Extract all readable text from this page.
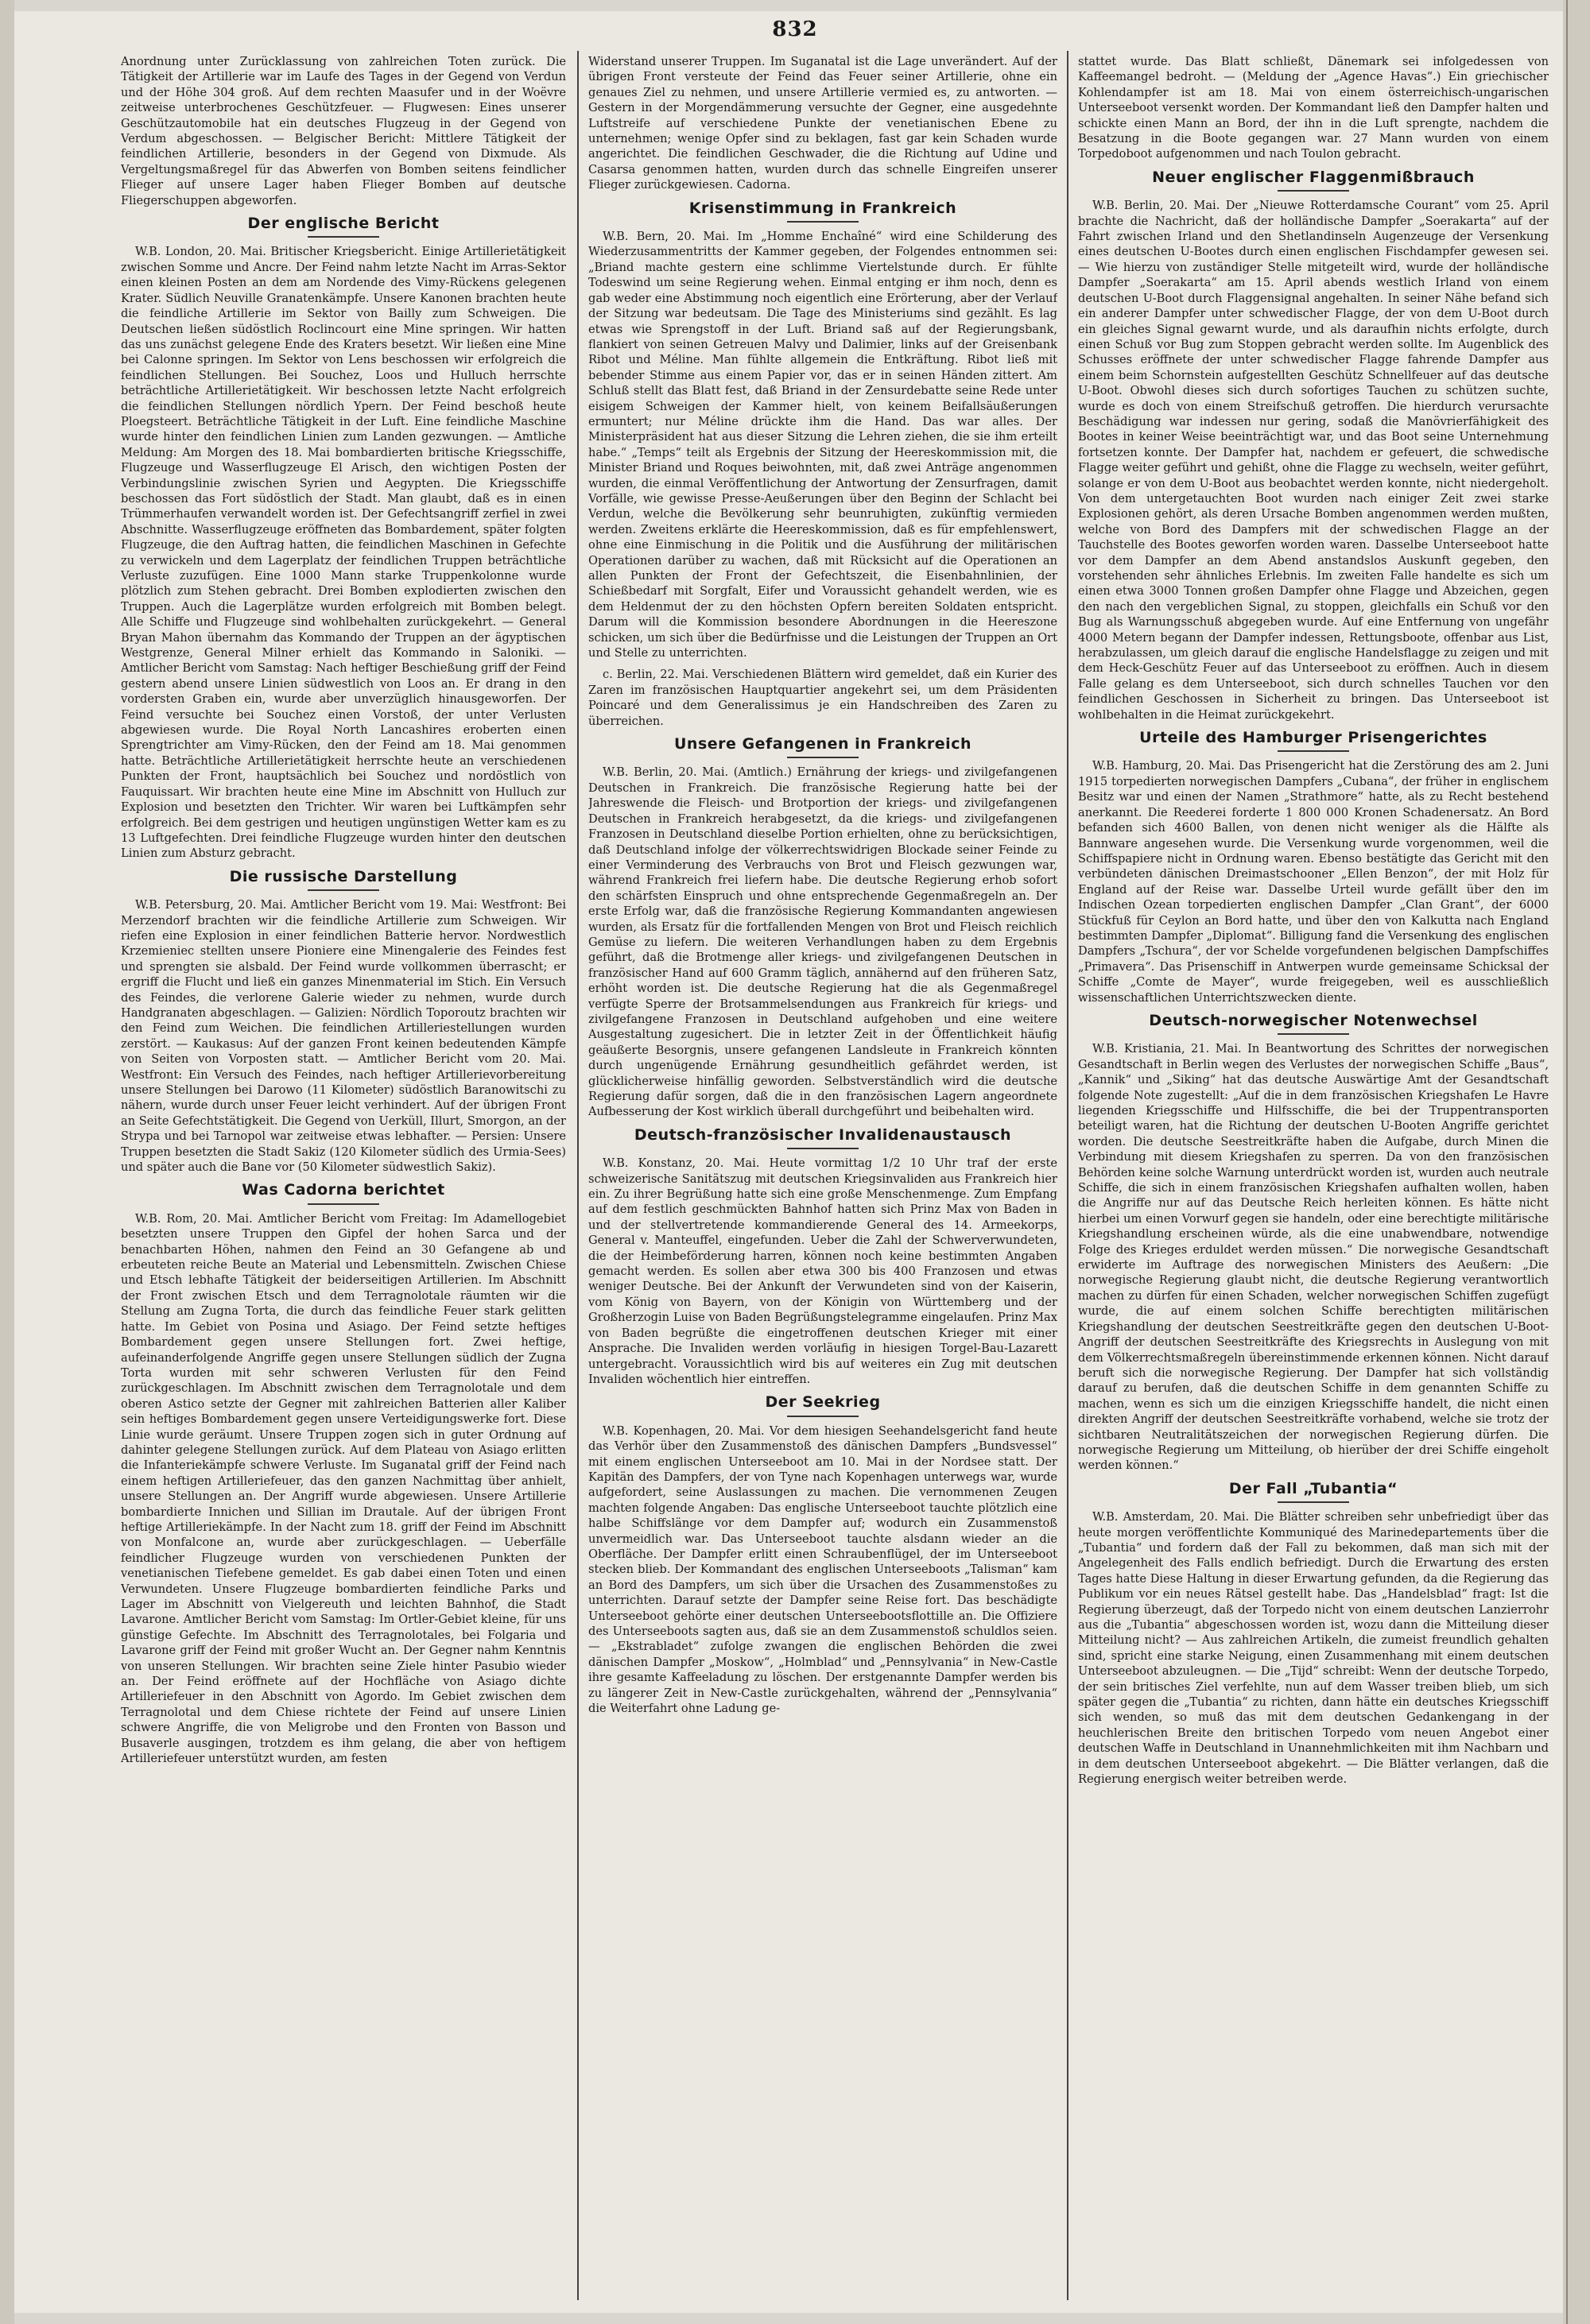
832

Anordnung unter Zurücklassung von zahlreichen Toten zurück. Die Tätigkeit der Artillerie war im Laufe des Tages in der Gegend von Verdun und der Höhe 304 groß. Auf dem rechten Maasufer und in der Woëvre zeitweise unterbrochenes Geschützfeuer. — Flugwesen: Eines unserer Geschützautomobile hat ein deutsches Flugzeug in der Gegend von Verdum abgeschossen. — Belgischer Bericht: Mittlere Tätigkeit der feindlichen Artillerie, besonders in der Gegend von Dixmude. Als Vergeltungsmaßregel für das Abwerfen von Bomben seitens feindlicher Flieger auf unsere Lager haben Flieger Bomben auf deutsche Fliegerschuppen abgeworfen.

Der englische Bericht

W.B. London, 20. Mai. Britischer Kriegsbericht. Einige Artillerietätigkeit zwischen Somme und Ancre. Der Feind nahm letzte Nacht im Arras-Sektor einen kleinen Posten an dem am Nordende des Vimy-Rückens gelegenen Krater. Südlich Neuville Granatenkämpfe. Unsere Kanonen brachten heute die feindliche Artillerie im Sektor von Bailly zum Schweigen. Die Deutschen ließen südöstlich Roclincourt eine Mine springen. Wir hatten das uns zunächst gelegene Ende des Kraters besetzt. Wir ließen eine Mine bei Calonne springen. Im Sektor von Lens beschossen wir erfolgreich die feindlichen Stellungen. Bei Souchez, Loos und Hulluch herrschte beträchtliche Artillerietätigkeit. Wir beschossen letzte Nacht erfolgreich die feindlichen Stellungen nördlich Ypern. Der Feind beschoß heute Ploegsteert. Beträchtliche Tätigkeit in der Luft. Eine feindliche Maschine wurde hinter den feindlichen Linien zum Landen gezwungen. — Amtliche Meldung: Am Morgen des 18. Mai bombardierten britische Kriegsschiffe, Flugzeuge und Wasserflugzeuge El Arisch, den wichtigen Posten der Verbindungslinie zwischen Syrien und Aegypten. Die Kriegsschiffe beschossen das Fort südöstlich der Stadt. Man glaubt, daß es in einen Trümmerhaufen verwandelt worden ist. Der Gefechtsangriff zerfiel in zwei Abschnitte. Wasserflugzeuge eröffneten das Bombardement, später folgten Flugzeuge, die den Auftrag hatten, die feindlichen Maschinen in Gefechte zu verwickeln und dem Lagerplatz der feindlichen Truppen beträchtliche Verluste zuzufügen. Eine 1000 Mann starke Truppenkolonne wurde plötzlich zum Stehen gebracht. Drei Bomben explodierten zwischen den Truppen. Auch die Lagerplätze wurden erfolgreich mit Bomben belegt. Alle Schiffe und Flugzeuge sind wohlbehalten zurückgekehrt. — General Bryan Mahon übernahm das Kommando der Truppen an der ägyptischen Westgrenze, General Milner erhielt das Kommando in Saloniki. — Amtlicher Bericht vom Samstag: Nach heftiger Beschießung griff der Feind gestern abend unsere Linien südwestlich von Loos an. Er drang in den vordersten Graben ein, wurde aber unverzüglich hinausgeworfen. Der Feind versuchte bei Souchez einen Vorstoß, der unter Verlusten abgewiesen wurde. Die Royal North Lancashires eroberten einen Sprengtrichter am Vimy-Rücken, den der Feind am 18. Mai genommen hatte. Beträchtliche Artillerietätigkeit herrschte heute an verschiedenen Punkten der Front, hauptsächlich bei Souchez und nordöstlich von Fauquissart. Wir brachten heute eine Mine im Abschnitt von Hulluch zur Explosion und besetzten den Trichter. Wir waren bei Luftkämpfen sehr erfolgreich. Bei dem gestrigen und heutigen ungünstigen Wetter kam es zu 13 Luftgefechten. Drei feindliche Flugzeuge wurden hinter den deutschen Linien zum Absturz gebracht.

Die russische Darstellung

W.B. Petersburg, 20. Mai. Amtlicher Bericht vom 19. Mai: Westfront: Bei Merzendorf brachten wir die feindliche Artillerie zum Schweigen. Wir riefen eine Explosion in einer feindlichen Batterie hervor. Nordwestlich Krzemieniec stellten unsere Pioniere eine Minengalerie des Feindes fest und sprengten sie alsbald. Der Feind wurde vollkommen überrascht; er ergriff die Flucht und ließ ein ganzes Minenmaterial im Stich. Ein Versuch des Feindes, die verlorene Galerie wieder zu nehmen, wurde durch Handgranaten abgeschlagen. — Galizien: Nördlich Toporoutz brachten wir den Feind zum Weichen. Die feindlichen Artilleriestellungen wurden zerstört. — Kaukasus: Auf der ganzen Front keinen bedeutenden Kämpfe von Seiten von Vorposten statt. — Amtlicher Bericht vom 20. Mai. Westfront: Ein Versuch des Feindes, nach heftiger Artillerievorbereitung unsere Stellungen bei Darowo (11 Kilometer) südöstlich Baranowitschi zu nähern, wurde durch unser Feuer leicht verhindert. Auf der übrigen Front an Seite Gefechtstätigkeit. Die Gegend von Uerküll, Illurt, Smorgon, an der Strypa und bei Tarnopol war zeitweise etwas lebhafter. — Persien: Unsere Truppen besetzten die Stadt Sakiz (120 Kilometer südlich des Urmia-Sees) und später auch die Bane vor (50 Kilometer südwestlich Sakiz).

Was Cadorna berichtet

W.B. Rom, 20. Mai. Amtlicher Bericht vom Freitag: Im Adamellogebiet besetzten unsere Truppen den Gipfel der hohen Sarca und der benachbarten Höhen, nahmen den Feind an 30 Gefangene ab und erbeuteten reiche Beute an Material und Lebensmitteln. Zwischen Chiese und Etsch lebhafte Tätigkeit der beiderseitigen Artillerien. Im Abschnitt der Front zwischen Etsch und dem Terragnolotale räumten wir die Stellung am Zugna Torta, die durch das feindliche Feuer stark gelitten hatte. Im Gebiet von Posina und Asiago. Der Feind setzte heftiges Bombardement gegen unsere Stellungen fort. Zwei heftige, aufeinanderfolgende Angriffe gegen unsere Stellungen südlich der Zugna Torta wurden mit sehr schweren Verlusten für den Feind zurückgeschlagen. Im Abschnitt zwischen dem Terragnolotale und dem oberen Astico setzte der Gegner mit zahlreichen Batterien aller Kaliber sein heftiges Bombardement gegen unsere Verteidigungswerke fort. Diese Linie wurde geräumt. Unsere Truppen zogen sich in guter Ordnung auf dahinter gelegene Stellungen zurück. Auf dem Plateau von Asiago erlitten die Infanteriekämpfe schwere Verluste. Im Suganatal griff der Feind nach einem heftigen Artilleriefeuer, das den ganzen Nachmittag über anhielt, unsere Stellungen an. Der Angriff wurde abgewiesen. Unsere Artillerie bombardierte Innichen und Sillian im Drautale. Auf der übrigen Front heftige Artilleriekämpfe. In der Nacht zum 18. griff der Feind im Abschnitt von Monfalcone an, wurde aber zurückgeschlagen. — Ueberfälle feindlicher Flugzeuge wurden von verschiedenen Punkten der venetianischen Tiefebene gemeldet. Es gab dabei einen Toten und einen Verwundeten. Unsere Flugzeuge bombardierten feindliche Parks und Lager im Abschnitt von Vielgereuth und leichten Bahnhof, die Stadt Lavarone. Amtlicher Bericht vom Samstag: Im Ortler-Gebiet kleine, für uns günstige Gefechte. Im Abschnitt des Terragnolotales, bei Folgaria und Lavarone griff der Feind mit großer Wucht an. Der Gegner nahm Kenntnis von unseren Stellungen. Wir brachten seine Ziele hinter Pasubio wieder an. Der Feind eröffnete auf der Hochfläche von Asiago dichte Artilleriefeuer in den Abschnitt von Agordo. Im Gebiet zwischen dem Terragnolotal und dem Chiese richtete der Feind auf unsere Linien schwere Angriffe, die von Meligrobe und den Fronten von Basson und Busaverle ausgingen, trotzdem es ihm gelang, die aber von heftigem Artilleriefeuer unterstützt wurden, am festen

Widerstand unserer Truppen. Im Suganatal ist die Lage unverändert. Auf der übrigen Front versteute der Feind das Feuer seiner Artillerie, ohne ein genaues Ziel zu nehmen, und unsere Artillerie vermied es, zu antworten. — Gestern in der Morgendämmerung versuchte der Gegner, eine ausgedehnte Luftstreife auf verschiedene Punkte der venetianischen Ebene zu unternehmen; wenige Opfer sind zu beklagen, fast gar kein Schaden wurde angerichtet. Die feindlichen Geschwader, die die Richtung auf Udine und Casarsa genommen hatten, wurden durch das schnelle Eingreifen unserer Flieger zurückgewiesen. Cadorna.

Krisenstimmung in Frankreich

W.B. Bern, 20. Mai. Im „Homme Enchaîné“ wird eine Schilderung des Wiederzusammentritts der Kammer gegeben, der Folgendes entnommen sei: „Briand machte gestern eine schlimme Viertelstunde durch. Er fühlte Todeswind um seine Regierung wehen. Einmal entging er ihm noch, denn es gab weder eine Abstimmung noch eigentlich eine Erörterung, aber der Verlauf der Sitzung war bedeutsam. Die Tage des Ministeriums sind gezählt. Es lag etwas wie Sprengstoff in der Luft. Briand saß auf der Regierungsbank, flankiert von seinen Getreuen Malvy und Dalimier, links auf der Greisenbank Ribot und Méline. Man fühlte allgemein die Entkräftung. Ribot ließ mit bebender Stimme aus einem Papier vor, das er in seinen Händen zittert. Am Schluß stellt das Blatt fest, daß Briand in der Zensurdebatte seine Rede unter eisigem Schweigen der Kammer hielt, von keinem Beifallsäußerungen ermuntert; nur Méline drückte ihm die Hand. Das war alles. Der Ministerpräsident hat aus dieser Sitzung die Lehren ziehen, die sie ihm erteilt habe.“ „Temps“ teilt als Ergebnis der Sitzung der Heereskommission mit, die Minister Briand und Roques beiwohnten, mit, daß zwei Anträge angenommen wurden, die einmal Veröffentlichung der Antwortung der Zensurfragen, damit Vorfälle, wie gewisse Presse-Aeußerungen über den Beginn der Schlacht bei Verdun, welche die Bevölkerung sehr beunruhigten, zukünftig vermieden werden. Zweitens erklärte die Heereskommission, daß es für empfehlenswert, ohne eine Einmischung in die Politik und die Ausführung der militärischen Operationen darüber zu wachen, daß mit Rücksicht auf die Operationen an allen Punkten der Front der Gefechtszeit, die Eisenbahnlinien, der Schießbedarf mit Sorgfalt, Eifer und Voraussicht gehandelt werden, wie es dem Heldenmut der zu den höchsten Opfern bereiten Soldaten entspricht. Darum will die Kommission besondere Abordnungen in die Heereszone schicken, um sich über die Bedürfnisse und die Leistungen der Truppen an Ort und Stelle zu unterrichten.

c. Berlin, 22. Mai. Verschiedenen Blättern wird gemeldet, daß ein Kurier des Zaren im französischen Hauptquartier angekehrt sei, um dem Präsidenten Poincaré und dem Generalissimus je ein Handschreiben des Zaren zu überreichen.

Unsere Gefangenen in Frankreich

W.B. Berlin, 20. Mai. (Amtlich.) Ernährung der kriegs- und zivilgefangenen Deutschen in Frankreich. Die französische Regierung hatte bei der Jahreswende die Fleisch- und Brotportion der kriegs- und zivilgefangenen Deutschen in Frankreich herabgesetzt, da die kriegs- und zivilgefangenen Franzosen in Deutschland dieselbe Portion erhielten, ohne zu berücksichtigen, daß Deutschland infolge der völkerrechtswidrigen Blockade seiner Feinde zu einer Verminderung des Verbrauchs von Brot und Fleisch gezwungen war, während Frankreich frei liefern habe. Die deutsche Regierung erhob sofort den schärfsten Einspruch und ohne entsprechende Gegenmaßregeln an. Der erste Erfolg war, daß die französische Regierung Kommandanten angewiesen wurden, als Ersatz für die fortfallenden Mengen von Brot und Fleisch reichlich Gemüse zu liefern. Die weiteren Verhandlungen haben zu dem Ergebnis geführt, daß die Brotmenge aller kriegs- und zivilgefangenen Deutschen in französischer Hand auf 600 Gramm täglich, annähernd auf den früheren Satz, erhöht worden ist. Die deutsche Regierung hat die als Gegenmaßregel verfügte Sperre der Brotsammelsendungen aus Frankreich für kriegs- und zivilgefangene Franzosen in Deutschland aufgehoben und eine weitere Ausgestaltung zugesichert. Die in letzter Zeit in der Öffentlichkeit häufig geäußerte Besorgnis, unsere gefangenen Landsleute in Frankreich könnten durch ungenügende Ernährung gesundheitlich gefährdet werden, ist glücklicherweise hinfällig geworden. Selbstverständlich wird die deutsche Regierung dafür sorgen, daß die in den französischen Lagern angeordnete Aufbesserung der Kost wirklich überall durchgeführt und beibehalten wird.

Deutsch-französischer Invalidenaustausch

W.B. Konstanz, 20. Mai. Heute vormittag 1/2 10 Uhr traf der erste schweizerische Sanitätszug mit deutschen Kriegsinvaliden aus Frankreich hier ein. Zu ihrer Begrüßung hatte sich eine große Menschenmenge. Zum Empfang auf dem festlich geschmückten Bahnhof hatten sich Prinz Max von Baden in und der stellvertretende kommandierende General des 14. Armeekorps, General v. Manteuffel, eingefunden. Ueber die Zahl der Schwerverwundeten, die der Heimbeförderung harren, können noch keine bestimmten Angaben gemacht werden. Es sollen aber etwa 300 bis 400 Franzosen und etwas weniger Deutsche. Bei der Ankunft der Verwundeten sind von der Kaiserin, vom König von Bayern, von der Königin von Württemberg und der Großherzogin Luise von Baden Begrüßungstelegramme eingelaufen. Prinz Max von Baden begrüßte die eingetroffenen deutschen Krieger mit einer Ansprache. Die Invaliden werden vorläufig in hiesigen Torgel-Bau-Lazarett untergebracht. Voraussichtlich wird bis auf weiteres ein Zug mit deutschen Invaliden wöchentlich hier eintreffen.

Der Seekrieg

W.B. Kopenhagen, 20. Mai. Vor dem hiesigen Seehandelsgericht fand heute das Verhör über den Zusammenstoß des dänischen Dampfers „Bundsvessel“ mit einem englischen Unterseeboot am 10. Mai in der Nordsee statt. Der Kapitän des Dampfers, der von Tyne nach Kopenhagen unterwegs war, wurde aufgefordert, seine Auslassungen zu machen. Die vernommenen Zeugen machten folgende Angaben: Das englische Unterseeboot tauchte plötzlich eine halbe Schiffslänge vor dem Dampfer auf; wodurch ein Zusammenstoß unvermeidlich war. Das Unterseeboot tauchte alsdann wieder an die Oberfläche. Der Dampfer erlitt einen Schraubenflügel, der im Unterseeboot stecken blieb. Der Kommandant des englischen Unterseeboots „Talisman“ kam an Bord des Dampfers, um sich über die Ursachen des Zusammenstoßes zu unterrichten. Darauf setzte der Dampfer seine Reise fort. Das beschädigte Unterseeboot gehörte einer deutschen Unterseebootsflottille an. Die Offiziere des Unterseeboots sagten aus, daß sie an dem Zusammenstoß schuldlos seien. — „Ekstrabladet“ zufolge zwangen die englischen Behörden die zwei dänischen Dampfer „Moskow“, „Holmblad“ und „Pennsylvania“ in New-Castle ihre gesamte Kaffeeladung zu löschen. Der erstgenannte Dampfer werden bis zu längerer Zeit in New-Castle zurückgehalten, während der „Pennsylvania“ die Weiterfahrt ohne Ladung ge-

stattet wurde. Das Blatt schließt, Dänemark sei infolgedessen von Kaffeemangel bedroht. — (Meldung der „Agence Havas“.) Ein griechischer Kohlendampfer ist am 18. Mai von einem österreichisch-ungarischen Unterseeboot versenkt worden. Der Kommandant ließ den Dampfer halten und schickte einen Mann an Bord, der ihn in die Luft sprengte, nachdem die Besatzung in die Boote gegangen war. 27 Mann wurden von einem Torpedoboot aufgenommen und nach Toulon gebracht.

Neuer englischer Flaggenmißbrauch

W.B. Berlin, 20. Mai. Der „Nieuwe Rotterdamsche Courant“ vom 25. April brachte die Nachricht, daß der holländische Dampfer „Soerakarta“ auf der Fahrt zwischen Irland und den Shetlandinseln Augenzeuge der Versenkung eines deutschen U-Bootes durch einen englischen Fischdampfer gewesen sei. — Wie hierzu von zuständiger Stelle mitgeteilt wird, wurde der holländische Dampfer „Soerakarta“ am 15. April abends westlich Irland von einem deutschen U-Boot durch Flaggensignal angehalten. In seiner Nähe befand sich ein anderer Dampfer unter schwedischer Flagge, der von dem U-Boot durch ein gleiches Signal gewarnt wurde, und als daraufhin nichts erfolgte, durch einen Schuß vor Bug zum Stoppen gebracht werden sollte. Im Augenblick des Schusses eröffnete der unter schwedischer Flagge fahrende Dampfer aus einem beim Schornstein aufgestellten Geschütz Schnellfeuer auf das deutsche U-Boot. Obwohl dieses sich durch sofortiges Tauchen zu schützen suchte, wurde es doch von einem Streifschuß getroffen. Die hierdurch verursachte Beschädigung war indessen nur gering, sodaß die Manövrierfähigkeit des Bootes in keiner Weise beeinträchtigt war, und das Boot seine Unternehmung fortsetzen konnte. Der Dampfer hat, nachdem er gefeuert, die schwedische Flagge weiter geführt und gehißt, ohne die Flagge zu wechseln, weiter geführt, solange er von dem U-Boot aus beobachtet werden konnte, nicht niedergeholt. Von dem untergetauchten Boot wurden nach einiger Zeit zwei starke Explosionen gehört, als deren Ursache Bomben angenommen werden mußten, welche von Bord des Dampfers mit der schwedischen Flagge an der Tauchstelle des Bootes geworfen worden waren. Dasselbe Unterseeboot hatte vor dem Dampfer an dem Abend anstandslos Auskunft gegeben, den vorstehenden sehr ähnliches Erlebnis. Im zweiten Falle handelte es sich um einen etwa 3000 Tonnen großen Dampfer ohne Flagge und Abzeichen, gegen den nach den vergeblichen Signal, zu stoppen, gleichfalls ein Schuß vor den Bug als Warnungsschuß abgegeben wurde. Auf eine Entfernung von ungefähr 4000 Metern begann der Dampfer indessen, Rettungsboote, offenbar aus List, herabzulassen, um gleich darauf die englische Handelsflagge zu zeigen und mit dem Heck-Geschütz Feuer auf das Unterseeboot zu eröffnen. Auch in diesem Falle gelang es dem Unterseeboot, sich durch schnelles Tauchen vor den feindlichen Geschossen in Sicherheit zu bringen. Das Unterseeboot ist wohlbehalten in die Heimat zurückgekehrt.

Urteile des Hamburger Prisengerichtes

W.B. Hamburg, 20. Mai. Das Prisengericht hat die Zerstörung des am 2. Juni 1915 torpedierten norwegischen Dampfers „Cubana“, der früher in englischem Besitz war und einen der Namen „Strathmore“ hatte, als zu Recht bestehend anerkannt. Die Reederei forderte 1 800 000 Kronen Schadenersatz. An Bord befanden sich 4600 Ballen, von denen nicht weniger als die Hälfte als Bannware angesehen wurde. Die Versenkung wurde vorgenommen, weil die Schiffspapiere nicht in Ordnung waren. Ebenso bestätigte das Gericht mit den verbündeten dänischen Dreimastschooner „Ellen Benzon“, der mit Holz für England auf der Reise war. Dasselbe Urteil wurde gefällt über den im Indischen Ozean torpedierten englischen Dampfer „Clan Grant“, der 6000 Stückfuß für Ceylon an Bord hatte, und über den von Kalkutta nach England bestimmten Dampfer „Diplomat“. Billigung fand die Versenkung des englischen Dampfers „Tschura“, der vor Schelde vorgefundenen belgischen Dampfschiffes „Primavera“. Das Prisenschiff in Antwerpen wurde gemeinsame Schicksal der Schiffe „Comte de Mayer“, wurde freigegeben, weil es ausschließlich wissenschaftlichen Unterrichtszwecken diente.

Deutsch-norwegischer Notenwechsel

W.B. Kristiania, 21. Mai. In Beantwortung des Schrittes der norwegischen Gesandtschaft in Berlin wegen des Verlustes der norwegischen Schiffe „Baus“, „Kannik“ und „Siking“ hat das deutsche Auswärtige Amt der Gesandtschaft folgende Note zugestellt: „Auf die in dem französischen Kriegshafen Le Havre liegenden Kriegsschiffe und Hilfsschiffe, die bei der Truppentransporten beteiligt waren, hat die Richtung der deutschen U-Booten Angriffe gerichtet worden. Die deutsche Seestreitkräfte haben die Aufgabe, durch Minen die Verbindung mit diesem Kriegshafen zu sperren. Da von den französischen Behörden keine solche Warnung unterdrückt worden ist, wurden auch neutrale Schiffe, die sich in einem französischen Kriegshafen aufhalten wollen, haben die Angriffe nur auf das Deutsche Reich herleiten können. Es hätte nicht hierbei um einen Vorwurf gegen sie handeln, oder eine berechtigte militärische Kriegshandlung erscheinen würde, als die eine unabwendbare, notwendige Folge des Krieges erduldet werden müssen.“ Die norwegische Gesandtschaft erwiderte im Auftrage des norwegischen Ministers des Aeußern: „Die norwegische Regierung glaubt nicht, die deutsche Regierung verantwortlich machen zu dürfen für einen Schaden, welcher norwegischen Schiffen zugefügt wurde, die auf einem solchen Schiffe berechtigten militärischen Kriegshandlung der deutschen Seestreitkräfte gegen den deutschen U-Boot-Angriff der deutschen Seestreitkräfte des Kriegsrechts in Auslegung von mit dem Völkerrechtsmaßregeln übereinstimmende erkennen können. Nicht darauf beruft sich die norwegische Regierung. Der Dampfer hat sich vollständig darauf zu berufen, daß die deutschen Schiffe in dem genannten Schiffe zu machen, wenn es sich um die einzigen Kriegsschiffe handelt, die nicht einen direkten Angriff der deutschen Seestreitkräfte vorhabend, welche sie trotz der sichtbaren Neutralitätszeichen der norwegischen Regierung dürfen. Die norwegische Regierung um Mitteilung, ob hierüber der drei Schiffe eingeholt werden können.“

Der Fall „Tubantia“

W.B. Amsterdam, 20. Mai. Die Blätter schreiben sehr unbefriedigt über das heute morgen veröffentlichte Kommuniqué des Marinedepartements über die „Tubantia“ und fordern daß der Fall zu bekommen, daß man sich mit der Angelegenheit des Falls endlich befriedigt. Durch die Erwartung des ersten Tages hatte Diese Haltung in dieser Erwartung gefunden, da die Regierung das Publikum vor ein neues Rätsel gestellt habe. Das „Handelsblad“ fragt: Ist die Regierung überzeugt, daß der Torpedo nicht von einem deutschen Lanzierrohr aus die „Tubantia“ abgeschossen worden ist, wozu dann die Mitteilung dieser Mitteilung nicht? — Aus zahlreichen Artikeln, die zumeist freundlich gehalten sind, spricht eine starke Neigung, einen Zusammenhang mit einem deutschen Unterseeboot abzuleugnen. — Die „Tijd“ schreibt: Wenn der deutsche Torpedo, der sein britisches Ziel verfehlte, nun auf dem Wasser treiben blieb, um sich später gegen die „Tubantia“ zu richten, dann hätte ein deutsches Kriegsschiff sich wenden, so muß das mit dem deutschen Gedankengang in der heuchlerischen Breite den britischen Torpedo vom neuen Angebot einer deutschen Waffe in Deutschland in Unannehmlichkeiten mit ihm Nachbarn und in dem deutschen Unterseeboot abgekehrt. — Die Blätter verlangen, daß die Regierung energisch weiter betreiben werde.
